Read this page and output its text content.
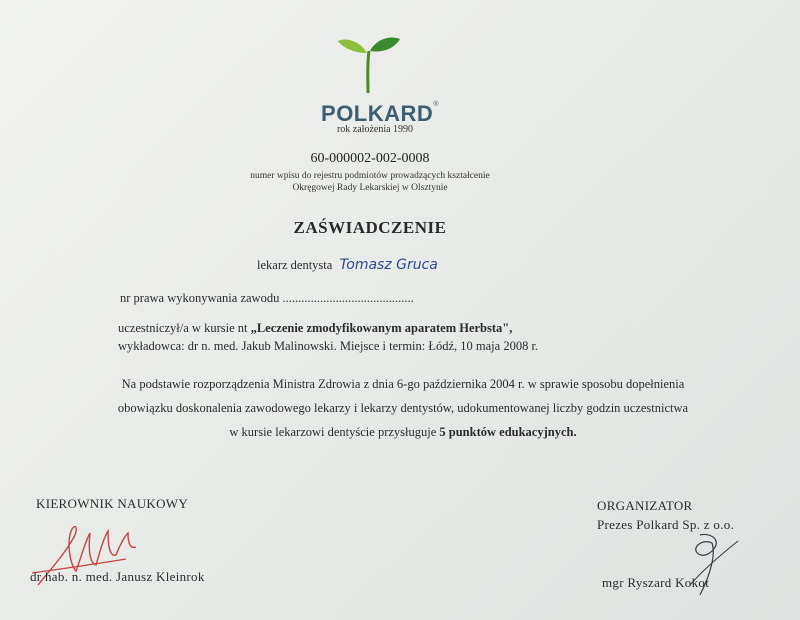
POLKARD®
rok założenia 1990
60-000002-002-0008
numer wpisu do rejestru podmiotów prowadzących kształcenie
Okręgowej Rady Lekarskiej w Olsztynie
ZAŚWIADCZENIE
lekarz dentysta Tomasz Gruca
nr prawa wykonywania zawodu ..........................................
uczestniczył/a w kursie nt „Leczenie zmodyfikowanym aparatem Herbsta",
wykładowca: dr n. med. Jakub Malinowski. Miejsce i termin: Łódź, 10 maja 2008 r.
Na podstawie rozporządzenia Ministra Zdrowia z dnia 6-go października 2004 r. w sprawie sposobu dopełnienia
obowiązku doskonalenia zawodowego lekarzy i lekarzy dentystów, udokumentowanej liczby godzin uczestnictwa
w kursie lekarzowi dentyście przysługuje 5 punktów edukacyjnych.
KIEROWNIK NAUKOWY
dr hab. n. med. Janusz Kleinrok
ORGANIZATOR
Prezes Polkard Sp. z o.o.
mgr Ryszard Kokot
